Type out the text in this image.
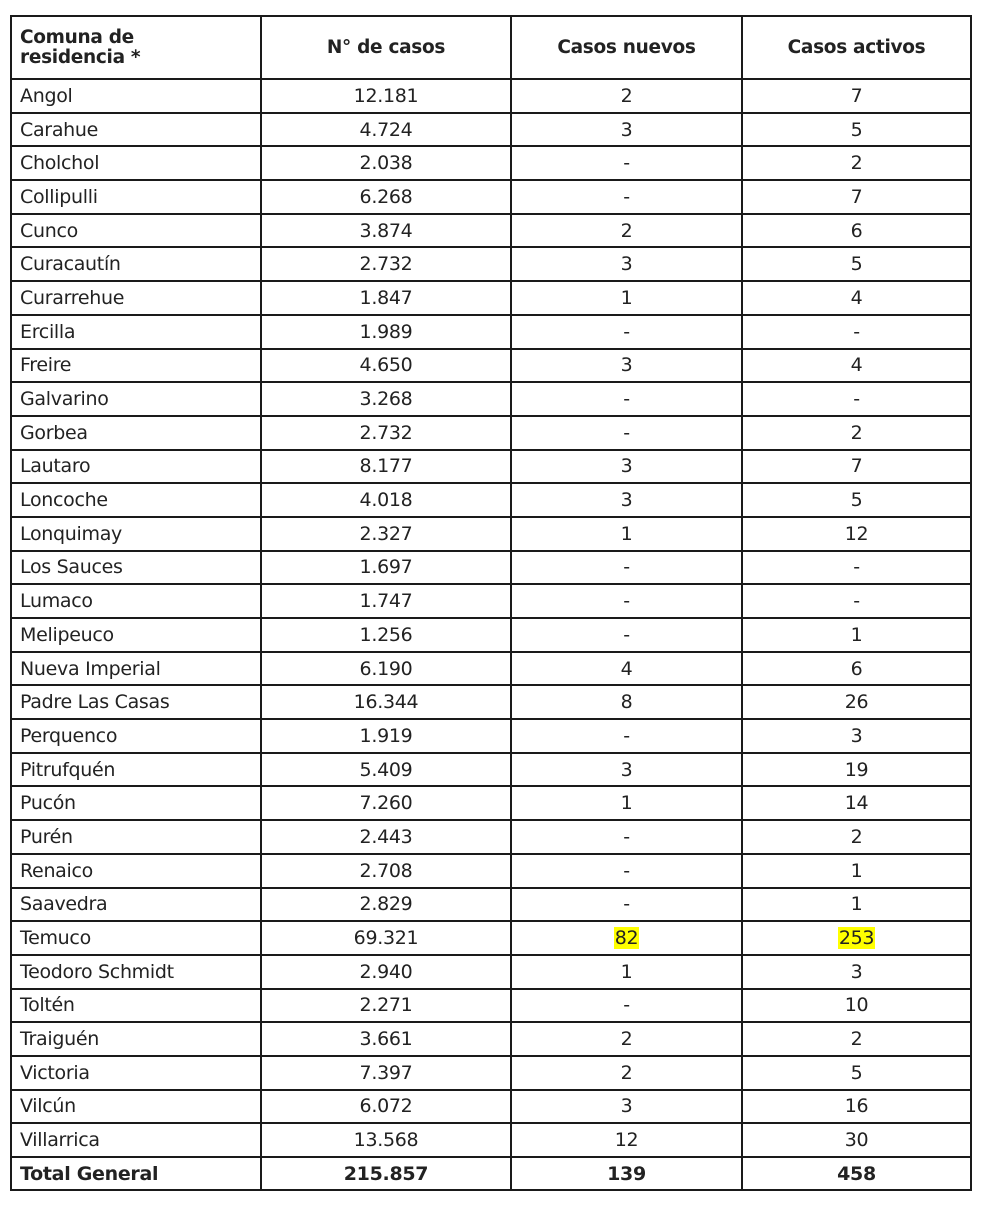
Comuna de
residencia *	N° de casos	Casos nuevos	Casos activos
Angol	12.181	2	7
Carahue	4.724	3	5
Cholchol	2.038	-	2
Collipulli	6.268	-	7
Cunco	3.874	2	6
Curacautín	2.732	3	5
Curarrehue	1.847	1	4
Ercilla	1.989	-	-
Freire	4.650	3	4
Galvarino	3.268	-	-
Gorbea	2.732	-	2
Lautaro	8.177	3	7
Loncoche	4.018	3	5
Lonquimay	2.327	1	12
Los Sauces	1.697	-	-
Lumaco	1.747	-	-
Melipeuco	1.256	-	1
Nueva Imperial	6.190	4	6
Padre Las Casas	16.344	8	26
Perquenco	1.919	-	3
Pitrufquén	5.409	3	19
Pucón	7.260	1	14
Purén	2.443	-	2
Renaico	2.708	-	1
Saavedra	2.829	-	1
Temuco	69.321	82	253
Teodoro Schmidt	2.940	1	3
Toltén	2.271	-	10
Traiguén	3.661	2	2
Victoria	7.397	2	5
Vilcún	6.072	3	16
Villarrica	13.568	12	30
Total General	215.857	139	458
